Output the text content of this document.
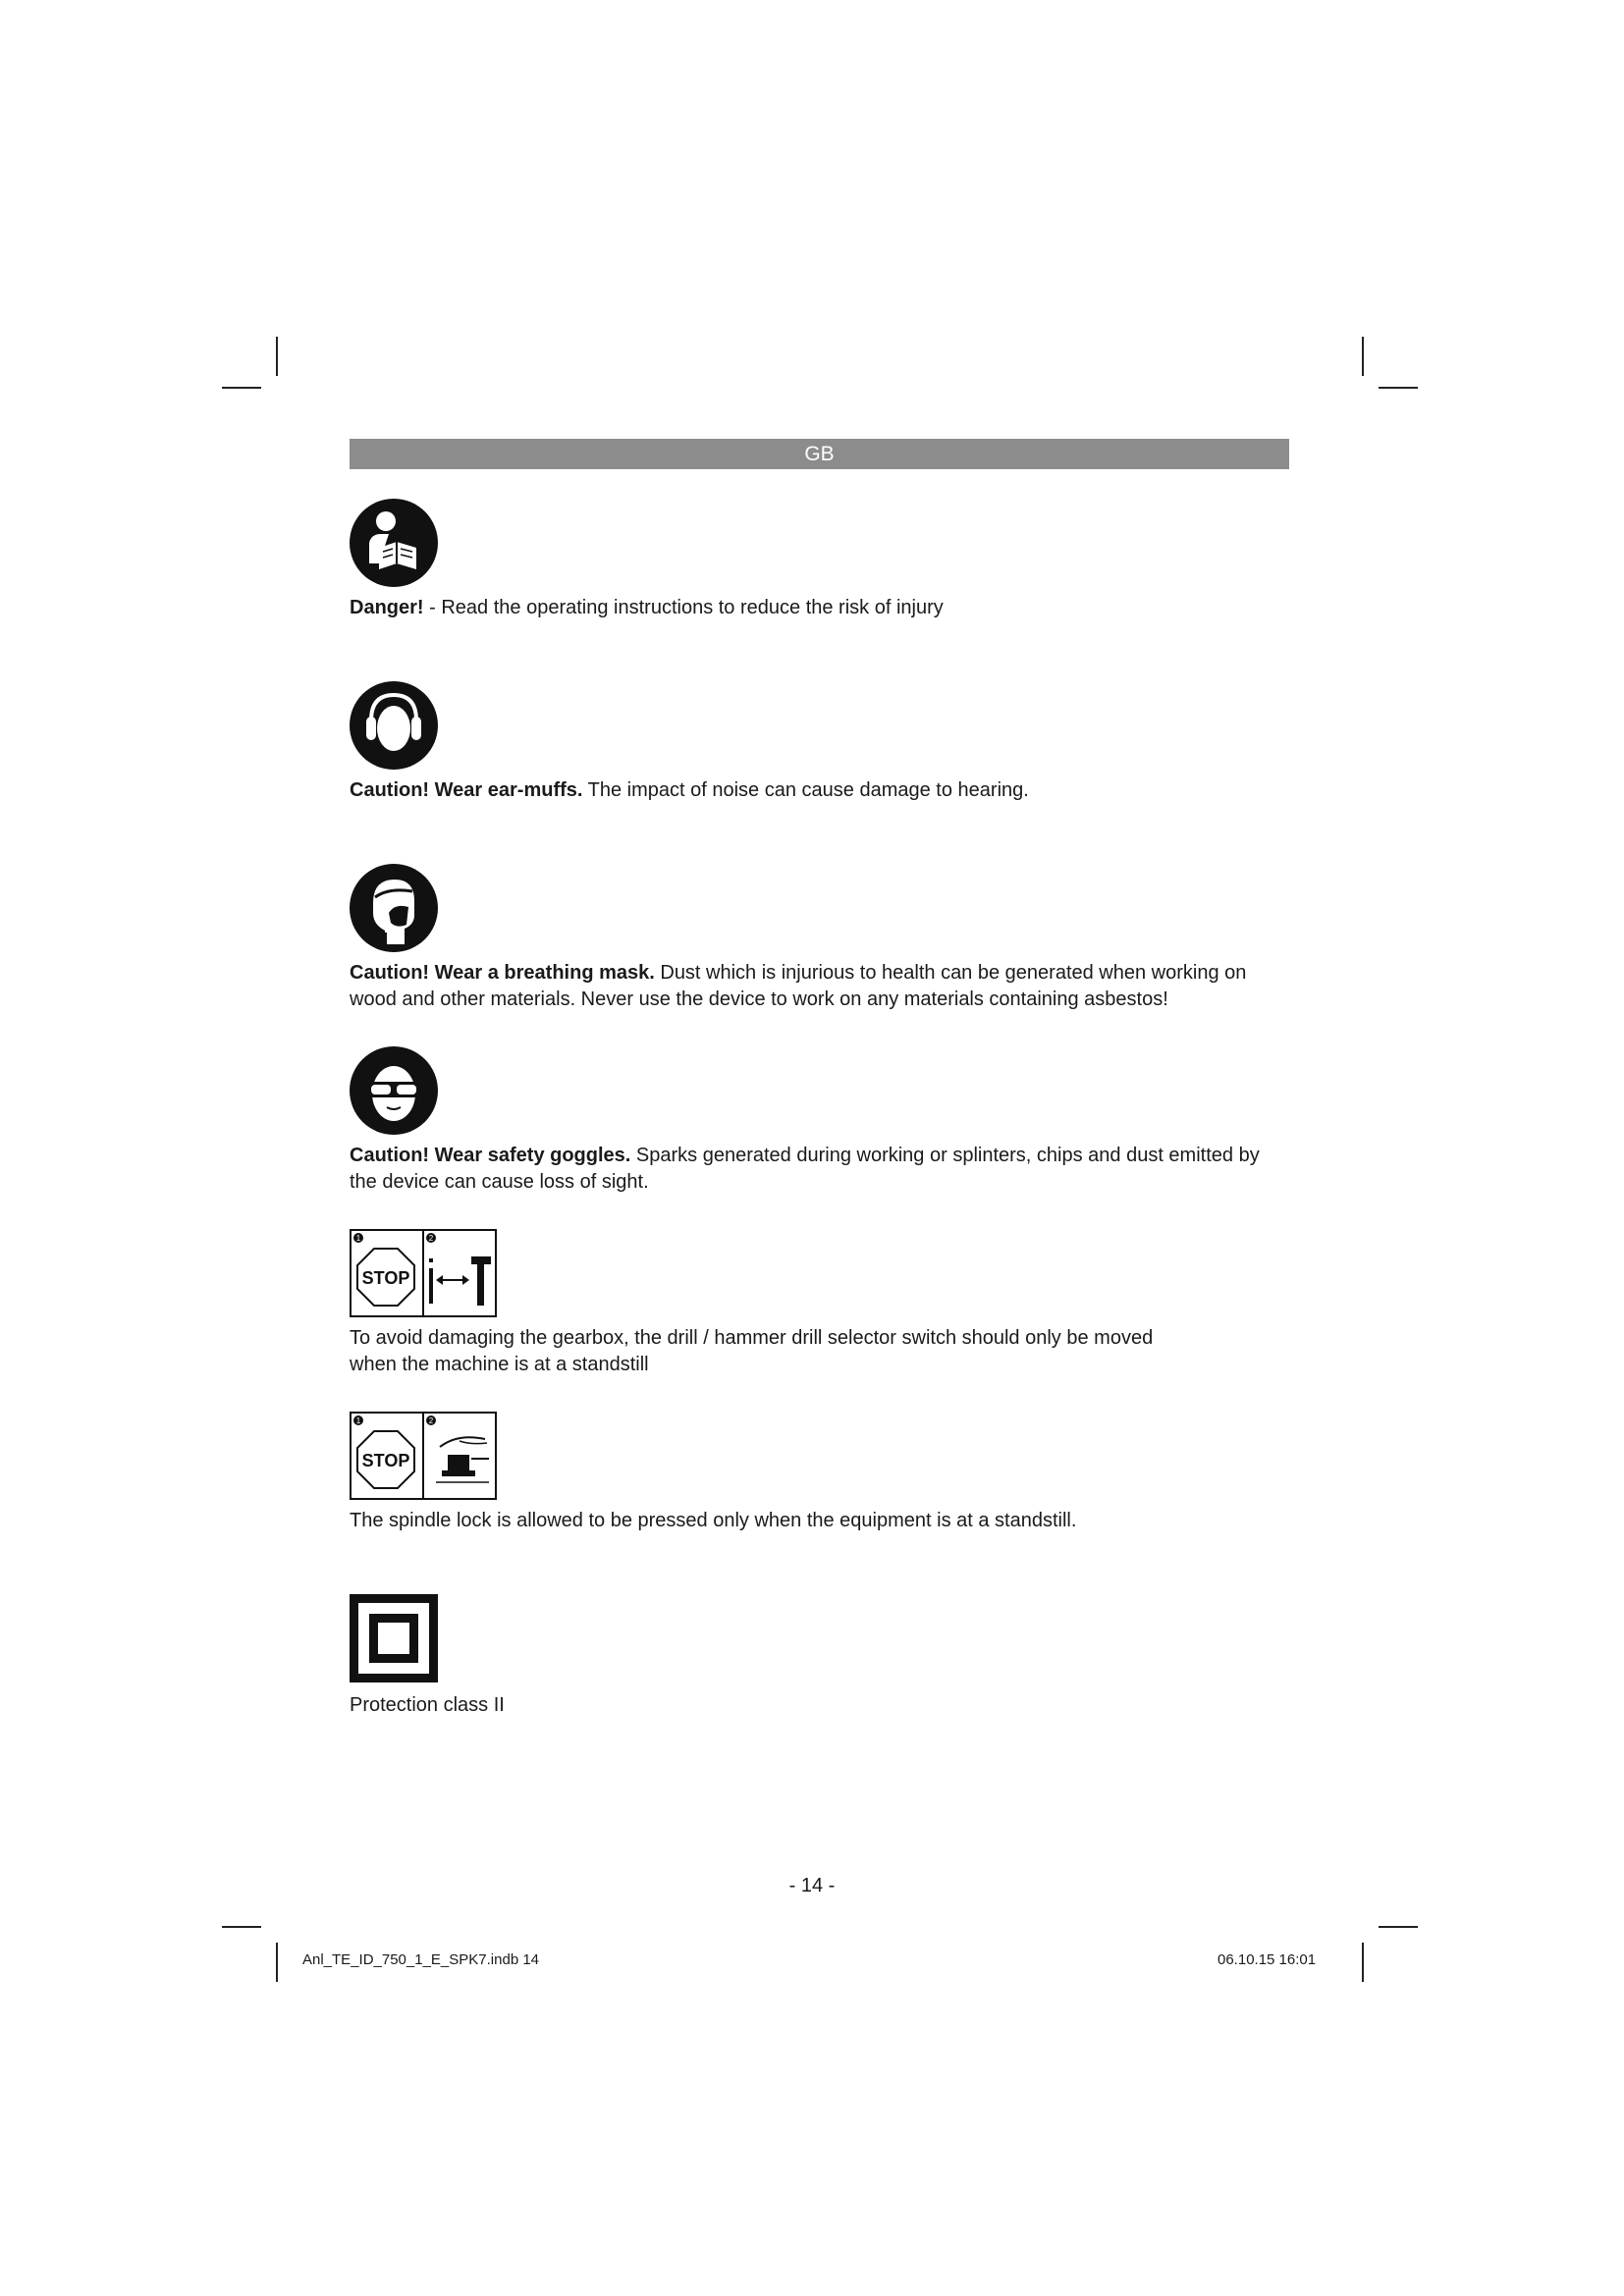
GB
Danger! - Read the operating instructions to reduce the risk of injury
Caution! Wear ear-muffs. The impact of noise can cause damage to hearing.
Caution! Wear a breathing mask. Dust which is injurious to health can be generated when working on wood and other materials. Never use the device to work on any materials containing asbestos!
Caution! Wear safety goggles. Sparks generated during working or splinters, chips and dust emitted by the device can cause loss of sight.
1	2
STOP
To avoid damaging the gearbox, the drill / hammer drill selector switch should only be moved when the machine is at a standstill
1	2
STOP
The spindle lock is allowed to be pressed only when the equipment is at a standstill.
Protection class II
- 14 -
Anl_TE_ID_750_1_E_SPK7.indb 14	06.10.15 16:01
